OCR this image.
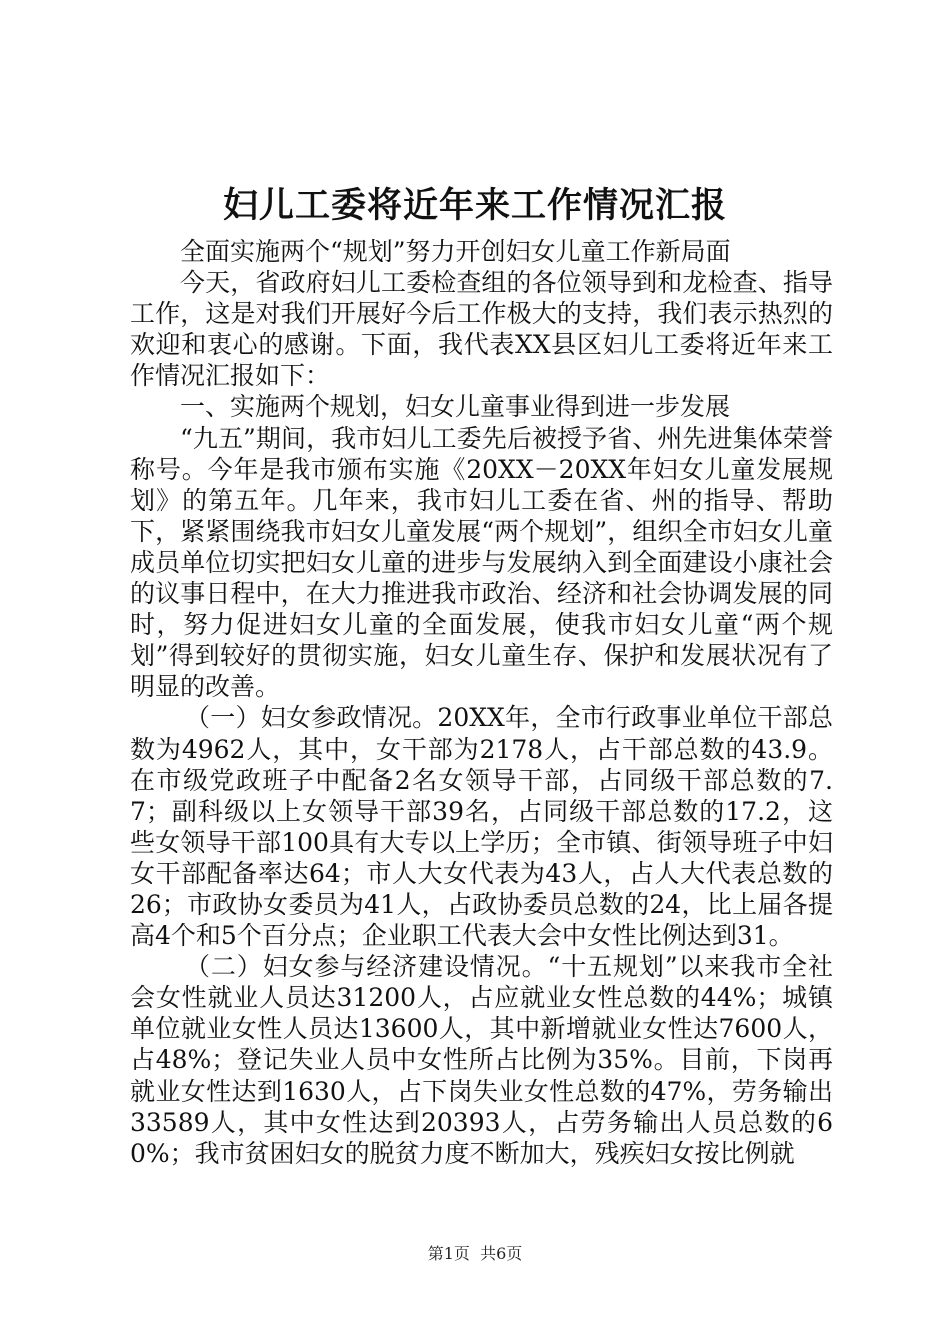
妇儿工委将近年来工作情况汇报

全面实施两个“规划”努力开创妇女儿童工作新局面

今天，省政府妇儿工委检查组的各位领导到和龙检查、指导工作，这是对我们开展好今后工作极大的支持，我们表示热烈的欢迎和衷心的感谢。下面，我代表XX县区妇儿工委将近年来工作情况汇报如下：

一、实施两个规划，妇女儿童事业得到进一步发展

“九五”期间，我市妇儿工委先后被授予省、州先进集体荣誉称号。今年是我市颁布实施《20XX－20XX年妇女儿童发展规划》的第五年。几年来，我市妇儿工委在省、州的指导、帮助下，紧紧围绕我市妇女儿童发展“两个规划”，组织全市妇女儿童成员单位切实把妇女儿童的进步与发展纳入到全面建设小康社会的议事日程中，在大力推进我市政治、经济和社会协调发展的同时，努力促进妇女儿童的全面发展，使我市妇女儿童“两个规划”得到较好的贯彻实施，妇女儿童生存、保护和发展状况有了明显的改善。

（一）妇女参政情况。20XX年，全市行政事业单位干部总数为4962人，其中，女干部为2178人，占干部总数的43.9。在市级党政班子中配备2名女领导干部，占同级干部总数的7.7；副科级以上女领导干部39名，占同级干部总数的17.2，这些女领导干部100具有大专以上学历；全市镇、街领导班子中妇女干部配备率达64；市人大女代表为43人，占人大代表总数的26；市政协女委员为41人，占政协委员总数的24，比上届各提高4个和5个百分点；企业职工代表大会中女性比例达到31。

（二）妇女参与经济建设情况。“十五规划”以来我市全社会女性就业人员达31200人，占应就业女性总数的44%；城镇单位就业女性人员达13600人，其中新增就业女性达7600人，占48%；登记失业人员中女性所占比例为35%。目前，下岗再就业女性达到1630人，占下岗失业女性总数的47%，劳务输出33589人，其中女性达到20393人，占劳务输出人员总数的60%；我市贫困妇女的脱贫力度不断加大，残疾妇女按比例就

第1页 共6页
